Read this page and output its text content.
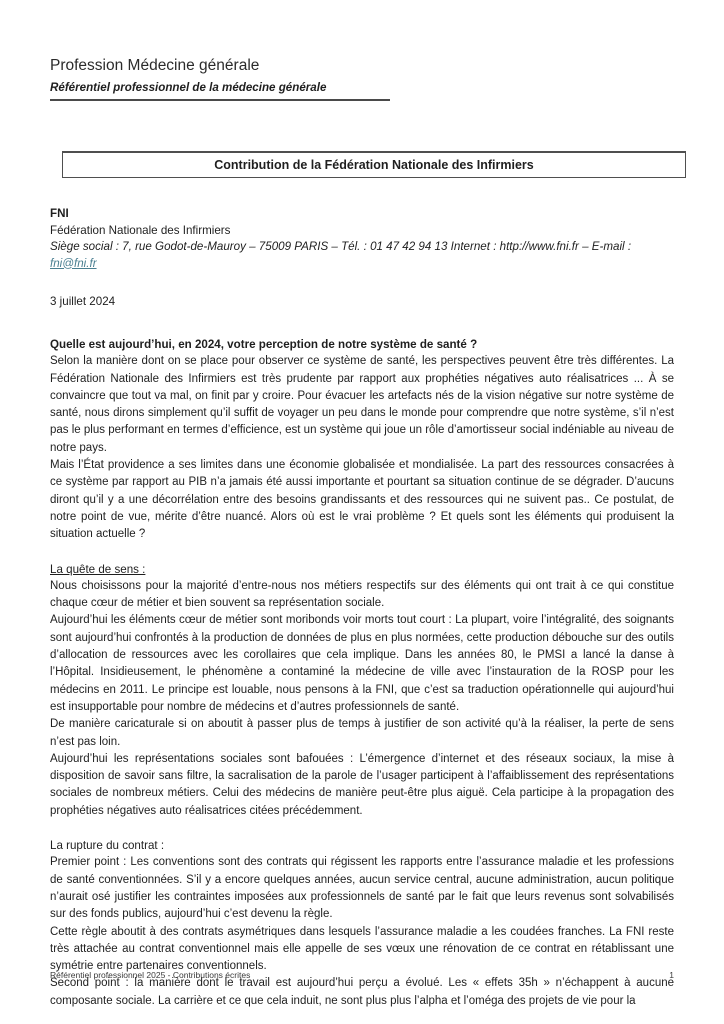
Profession Médecine générale
Référentiel professionnel de la médecine générale
Contribution de la Fédération Nationale des Infirmiers
FNI
Fédération Nationale des Infirmiers
Siège social : 7, rue Godot-de-Mauroy – 75009 PARIS – Tél. : 01 47 42 94 13 Internet : http://www.fni.fr – E-mail :
fni@fni.fr
3 juillet 2024
Quelle est aujourd’hui, en 2024, votre perception de notre système de santé ?

Selon la manière dont on se place pour observer ce système de santé, les perspectives peuvent être très différentes. La Fédération Nationale des Infirmiers est très prudente par rapport aux prophéties négatives auto réalisatrices ... À se convaincre que tout va mal, on finit par y croire. Pour évacuer les artefacts nés de la vision négative sur notre système de santé, nous dirons simplement qu’il suffit de voyager un peu dans le monde pour comprendre que notre système, s’il n’est pas le plus performant en termes d’efficience, est un système qui joue un rôle d’amortisseur social indéniable au niveau de notre pays.

Mais l’État providence a ses limites dans une économie globalisée et mondialisée. La part des ressources consacrées à ce système par rapport au PIB n’a jamais été aussi importante et pourtant sa situation continue de se dégrader. D’aucuns diront qu’il y a une décorrélation entre des besoins grandissants et des ressources qui ne suivent pas.. Ce postulat, de notre point de vue, mérite d’être nuancé. Alors où est le vrai problème ? Et quels sont les éléments qui produisent la situation actuelle ?

La quête de sens :

Nous choisissons pour la majorité d’entre-nous nos métiers respectifs sur des éléments qui ont trait à ce qui constitue chaque cœur de métier et bien souvent sa représentation sociale.

Aujourd’hui les éléments cœur de métier sont moribonds voir morts tout court : La plupart, voire l’intégralité, des soignants sont aujourd’hui confrontés à la production de données de plus en plus normées, cette production débouche sur des outils d’allocation de ressources avec les corollaires que cela implique. Dans les années 80, le PMSI a lancé la danse à l’Hôpital. Insidieusement, le phénomène a contaminé la médecine de ville avec l’instauration de la ROSP pour les médecins en 2011. Le principe est louable, nous pensons à la FNI, que c’est sa traduction opérationnelle qui aujourd’hui est insupportable pour nombre de médecins et d’autres professionnels de santé.

De manière caricaturale si on aboutit à passer plus de temps à justifier de son activité qu’à la réaliser, la perte de sens n’est pas loin.

Aujourd’hui les représentations sociales sont bafouées : L’émergence d’internet et des réseaux sociaux, la mise à disposition de savoir sans filtre, la sacralisation de la parole de l’usager participent à l’affaiblissement des représentations sociales de nombreux métiers. Celui des médecins de manière peut-être plus aiguë. Cela participe à la propagation des prophéties négatives auto réalisatrices citées précédemment.

La rupture du contrat :

Premier point : Les conventions sont des contrats qui régissent les rapports entre l’assurance maladie et les professions de santé conventionnées. S’il y a encore quelques années, aucun service central, aucune administration, aucun politique n’aurait osé justifier les contraintes imposées aux professionnels de santé par le fait que leurs revenus sont solvabilisés sur des fonds publics, aujourd’hui c’est devenu la règle.

Cette règle aboutit à des contrats asymétriques dans lesquels l’assurance maladie a les coudées franches. La FNI reste très attachée au contrat conventionnel mais elle appelle de ses vœux une rénovation de ce contrat en rétablissant une symétrie entre partenaires conventionnels.

Second point : la manière dont le travail est aujourd’hui perçu a évolué. Les « effets 35h » n’échappent à aucune composante sociale. La carrière et ce que cela induit, ne sont plus plus l’alpha et l’oméga des projets de vie pour la

Référentiel professionnel 2025 - Contributions écrites	1
